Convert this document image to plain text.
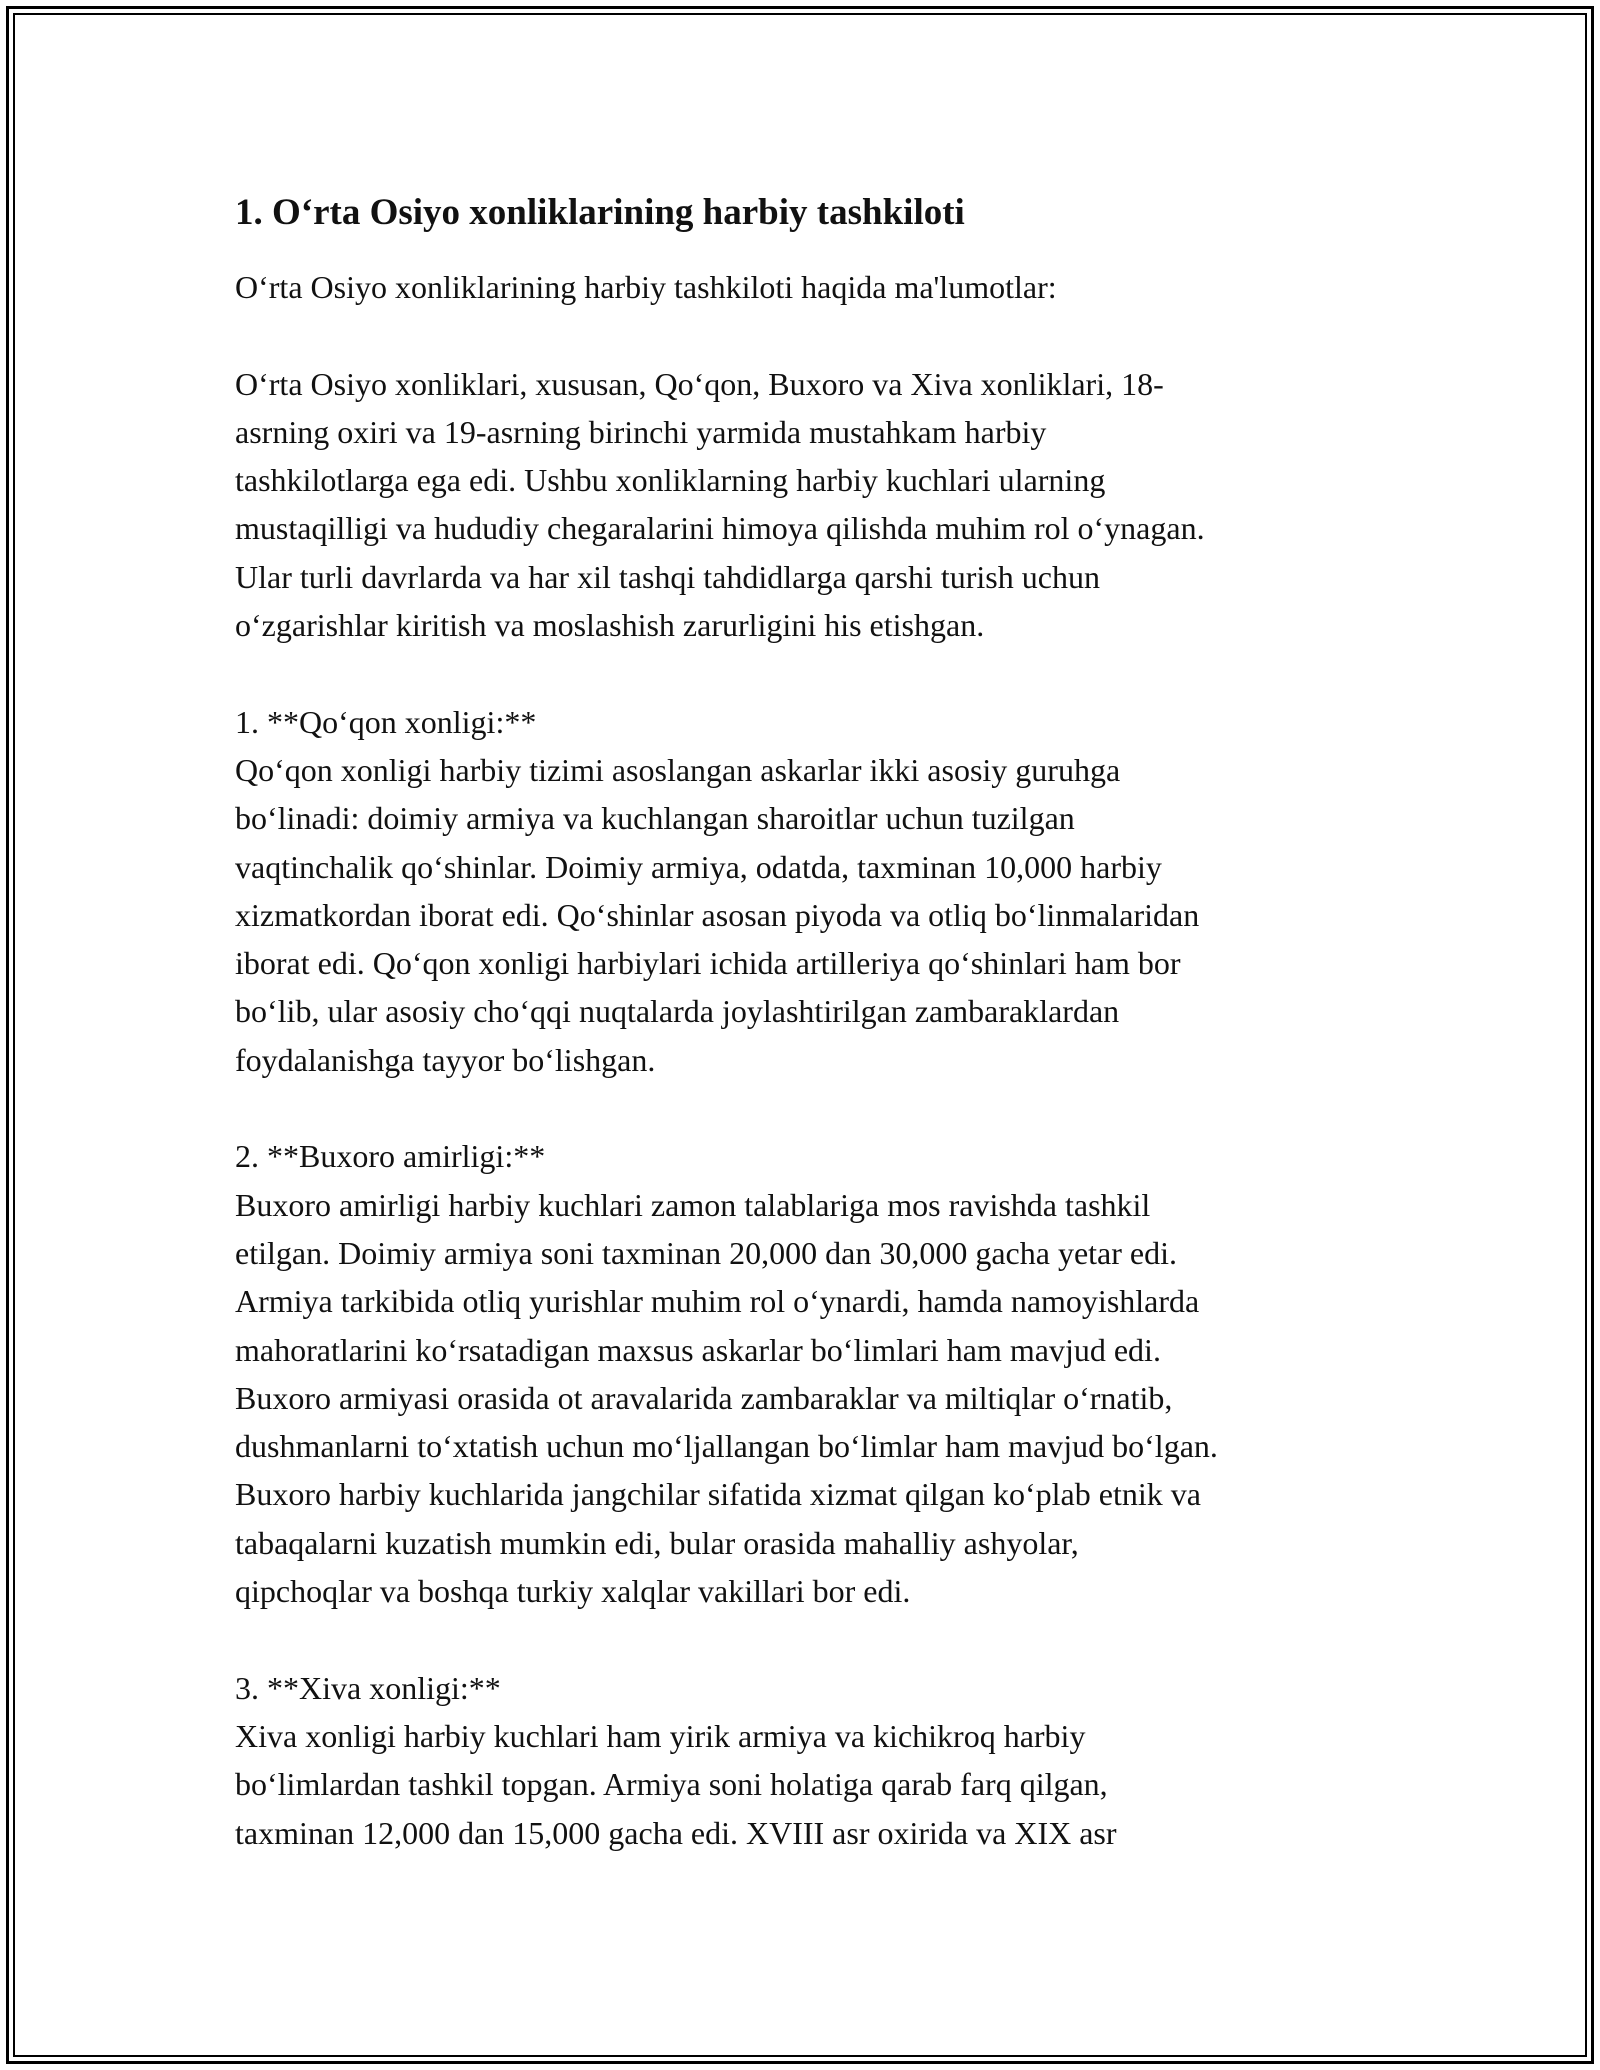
1. O‘rta Osiyo xonliklarining harbiy tashkiloti
O‘rta Osiyo xonliklarining harbiy tashkiloti haqida ma'lumotlar:
O‘rta Osiyo xonliklari, xususan, Qo‘qon, Buxoro va Xiva xonliklari, 18-
asrning oxiri va 19-asrning birinchi yarmida mustahkam harbiy
tashkilotlarga ega edi. Ushbu xonliklarning harbiy kuchlari ularning
mustaqilligi va hududiy chegaralarini himoya qilishda muhim rol o‘ynagan.
Ular turli davrlarda va har xil tashqi tahdidlarga qarshi turish uchun
o‘zgarishlar kiritish va moslashish zarurligini his etishgan.
1. **Qo‘qon xonligi:**
Qo‘qon xonligi harbiy tizimi asoslangan askarlar ikki asosiy guruhga
bo‘linadi: doimiy armiya va kuchlangan sharoitlar uchun tuzilgan
vaqtinchalik qo‘shinlar. Doimiy armiya, odatda, taxminan 10,000 harbiy
xizmatkordan iborat edi. Qo‘shinlar asosan piyoda va otliq bo‘linmalaridan
iborat edi. Qo‘qon xonligi harbiylari ichida artilleriya qo‘shinlari ham bor
bo‘lib, ular asosiy cho‘qqi nuqtalarda joylashtirilgan zambaraklardan
foydalanishga tayyor bo‘lishgan.
2. **Buxoro amirligi:**
Buxoro amirligi harbiy kuchlari zamon talablariga mos ravishda tashkil
etilgan. Doimiy armiya soni taxminan 20,000 dan 30,000 gacha yetar edi.
Armiya tarkibida otliq yurishlar muhim rol o‘ynardi, hamda namoyishlarda
mahoratlarini ko‘rsatadigan maxsus askarlar bo‘limlari ham mavjud edi.
Buxoro armiyasi orasida ot aravalarida zambaraklar va miltiqlar o‘rnatib,
dushmanlarni to‘xtatish uchun mo‘ljallangan bo‘limlar ham mavjud bo‘lgan.
Buxoro harbiy kuchlarida jangchilar sifatida xizmat qilgan ko‘plab etnik va
tabaqalarni kuzatish mumkin edi, bular orasida mahalliy ashyolar,
qipchoqlar va boshqa turkiy xalqlar vakillari bor edi.
3. **Xiva xonligi:**
Xiva xonligi harbiy kuchlari ham yirik armiya va kichikroq harbiy
bo‘limlardan tashkil topgan. Armiya soni holatiga qarab farq qilgan,
taxminan 12,000 dan 15,000 gacha edi. XVIII asr oxirida va XIX asr
